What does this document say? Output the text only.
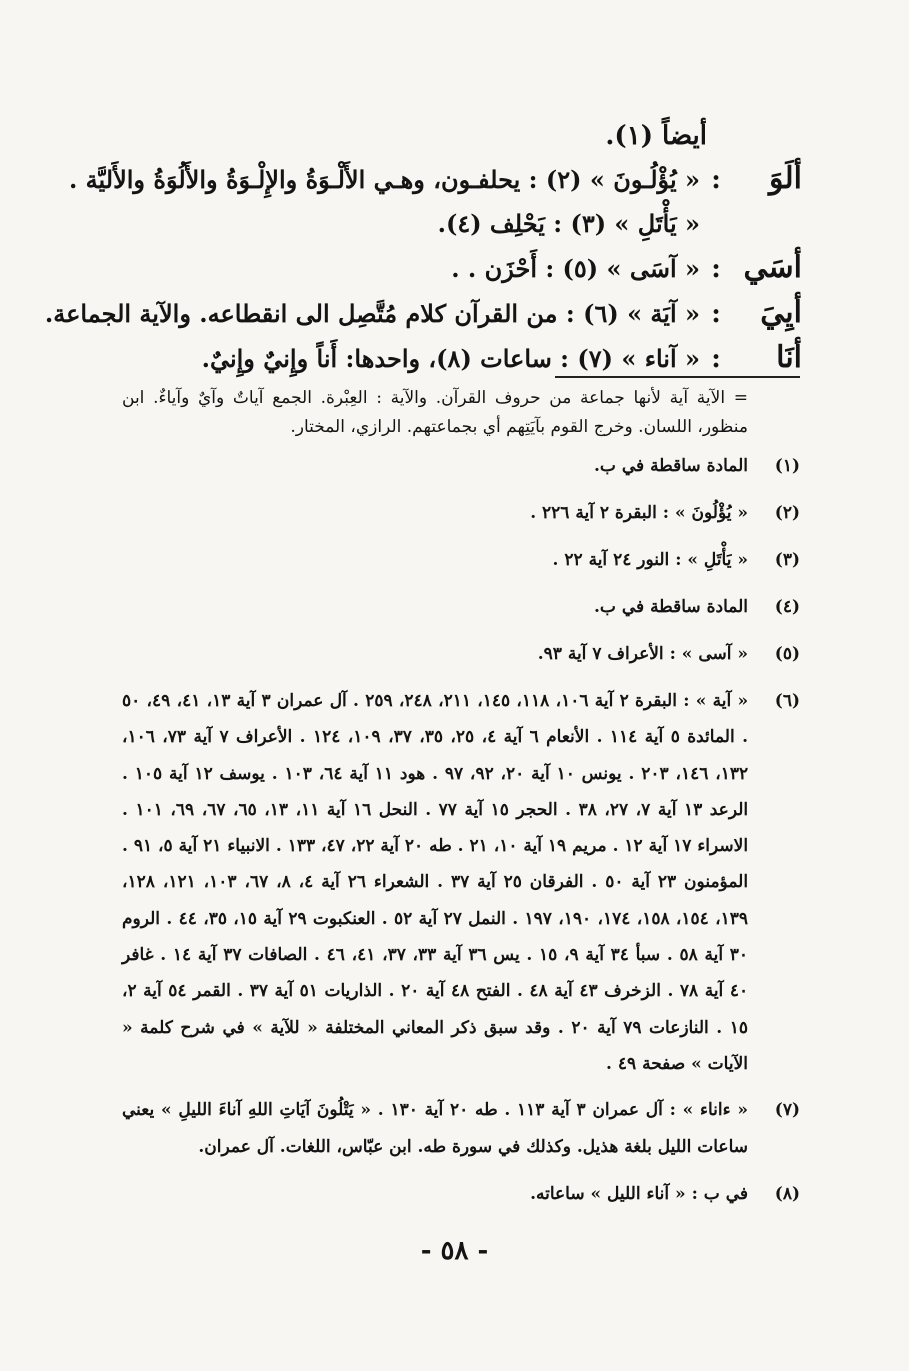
أيضاً (١).
ألَوَ
:
« يُؤْلُـونَ » (٢) : يحلفـون، وهـي الأَلْـوَةُ والإِلْـوَةُ والأَلُوَةُ والأَليَّة .
« يَأْتَلِ » (٣) : يَحْلِف (٤).
أسَي
:
« آسَى » (٥) : أَحْزَن . .
أيِيَ
:
« آيَة » (٦) : من القرآن كلام مُتَّصِل الى انقطاعه. والآية الجماعة.
أنَا
:
« آناء » (٧) : ساعات (٨)، واحدها: أَناً وإِنيٌ وإِنيٌ.
= الآية آية لأنها جماعة من حروف القرآن. والآية : العِبْرة. الجمع آياتٌ وآيٌ وآياءٌ. ابن منظور، اللسان. وخرج القوم بآيَتِهم أي بجماعتهم. الرازي، المختار.
(١)
المادة ساقطة في ب.
(٢)
« يُؤْلُونَ » : البقرة ٢ آية ٢٢٦ .
(٣)
« يَأْتَلِ » : النور ٢٤ آية ٢٢ .
(٤)
المادة ساقطة في ب.
(٥)
« آسى » : الأعراف ٧ آية ٩٣.
(٦)
« آية » : البقرة ٢ آية ١٠٦، ١١٨، ١٤٥، ٢١١، ٢٤٨، ٢٥٩ . آل عمران ٣ آية ١٣، ٤١، ٤٩، ٥٠ . المائدة ٥ آية ١١٤ . الأنعام ٦ آية ٤، ٢٥، ٣٥، ٣٧، ١٠٩، ١٢٤ . الأعراف ٧ آية ٧٣، ١٠٦، ١٣٢، ١٤٦، ٢٠٣ . يونس ١٠ آية ٢٠، ٩٢، ٩٧ . هود ١١ آية ٦٤، ١٠٣ . يوسف ١٢ آية ١٠٥ . الرعد ١٣ آية ٧، ٢٧، ٣٨ . الحجر ١٥ آية ٧٧ . النحل ١٦ آية ١١، ١٣، ٦٥، ٦٧، ٦٩، ١٠١ . الاسراء ١٧ آية ١٢ . مريم ١٩ آية ١٠، ٢١ . طه ٢٠ آية ٢٢، ٤٧، ١٣٣ . الانبياء ٢١ آية ٥، ٩١ . المؤمنون ٢٣ آية ٥٠ . الفرقان ٢٥ آية ٣٧ . الشعراء ٢٦ آية ٤، ٨، ٦٧، ١٠٣، ١٢١، ١٢٨، ١٣٩، ١٥٤، ١٥٨، ١٧٤، ١٩٠، ١٩٧ . النمل ٢٧ آية ٥٢ . العنكبوت ٢٩ آية ١٥، ٣٥، ٤٤ . الروم ٣٠ آية ٥٨ . سبأ ٣٤ آية ٩، ١٥ . يس ٣٦ آية ٣٣، ٣٧، ٤١، ٤٦ . الصافات ٣٧ آية ١٤ . غافر ٤٠ آية ٧٨ . الزخرف ٤٣ آية ٤٨ . الفتح ٤٨ آية ٢٠ . الذاريات ٥١ آية ٣٧ . القمر ٥٤ آية ٢، ١٥ . النازعات ٧٩ آية ٢٠ . وقد سبق ذكر المعاني المختلفة « للآية » في شرح كلمة « الآيات » صفحة ٤٩ .
(٧)
« ءاناء » : آل عمران ٣ آية ١١٣ . طه ٢٠ آية ١٣٠ . « يَتْلُونَ آيَاتِ اللهِ آناءَ الليلِ » يعني ساعات الليل بلغة هذيل. وكذلك في سورة طه. ابن عبّاس، اللغات. آل عمران.
(٨)
في ب : « آناء الليل » ساعاته.
- ٥٨ -
